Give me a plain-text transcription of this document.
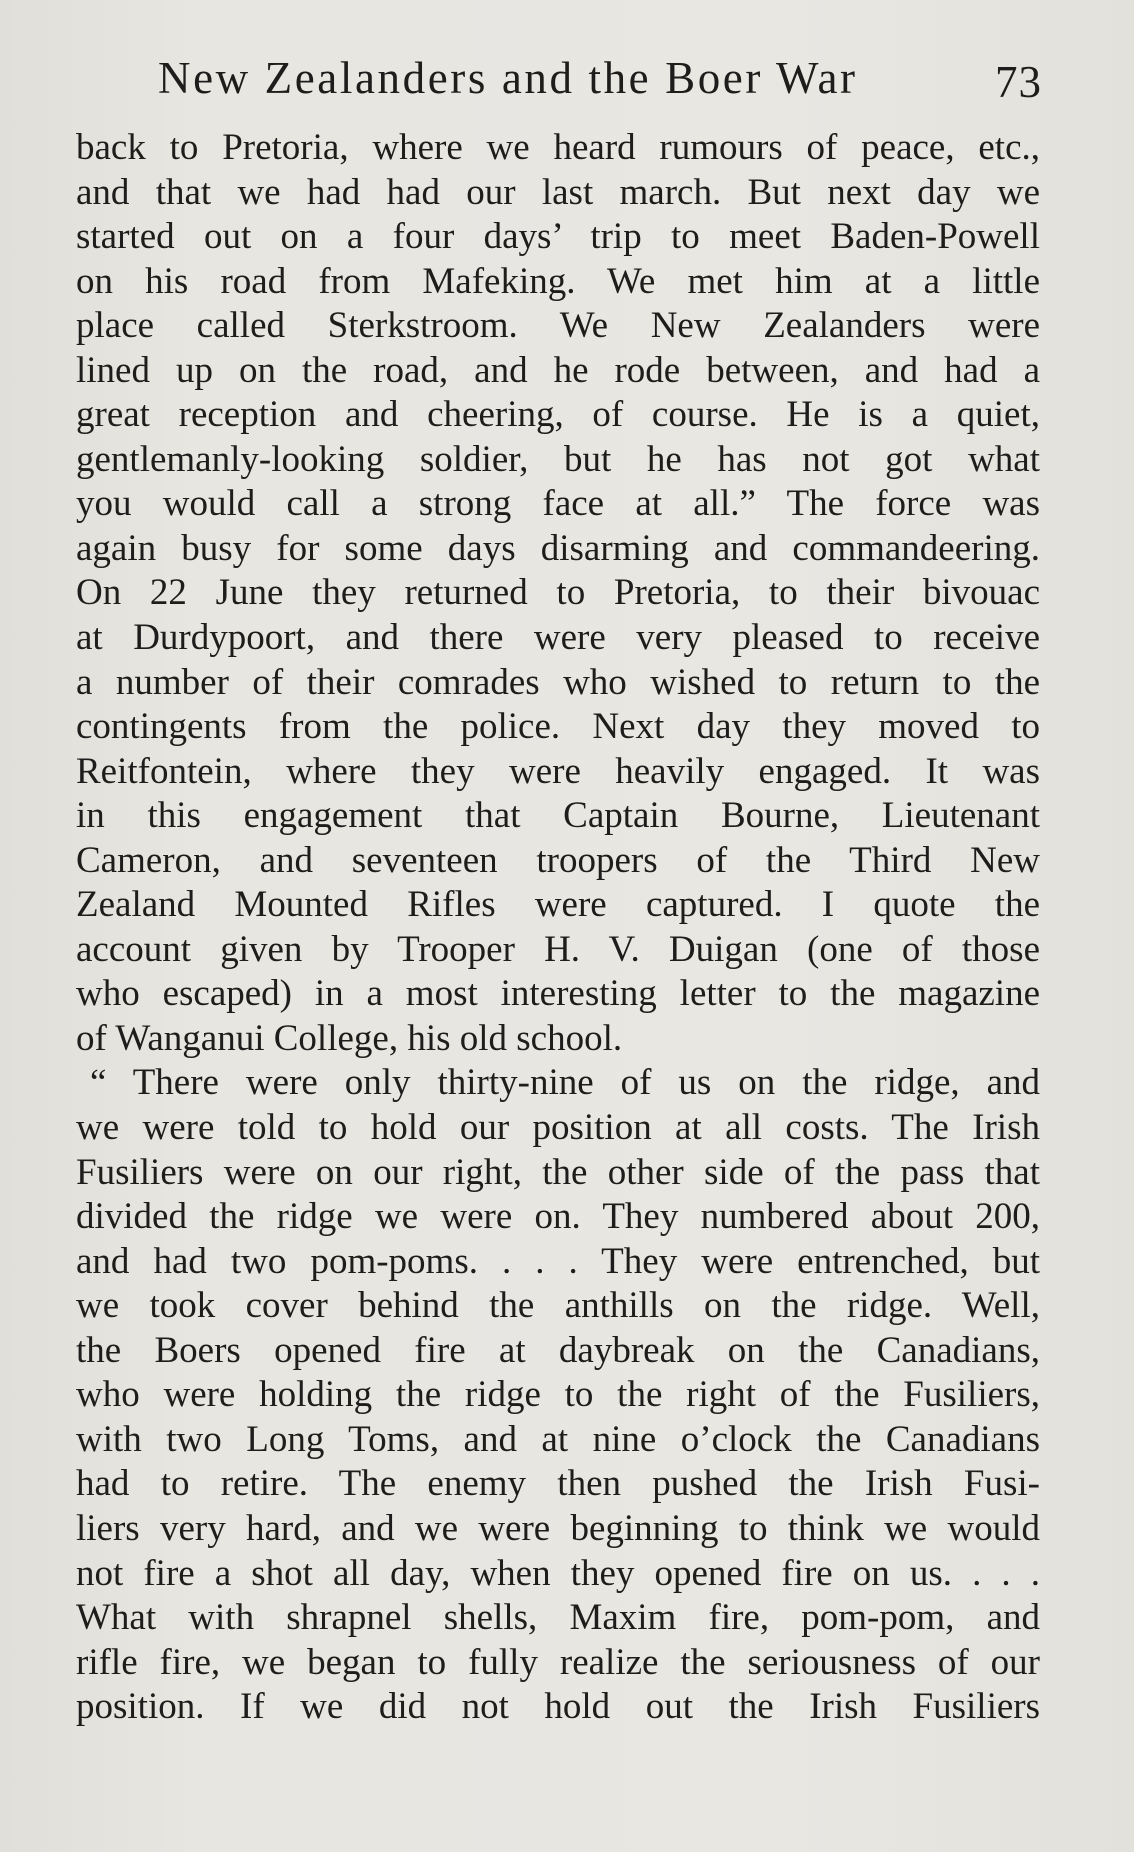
New Zealanders and the Boer War	73
back to Pretoria, where we heard rumours of peace, etc.,
and that we had had our last march. But next day we
started out on a four days’ trip to meet Baden-Powell
on his road from Mafeking. We met him at a little
place called Sterkstroom. We New Zealanders were
lined up on the road, and he rode between, and had a
great reception and cheering, of course. He is a quiet,
gentlemanly-looking soldier, but he has not got what
you would call a strong face at all.” The force was
again busy for some days disarming and commandeering.
On 22 June they returned to Pretoria, to their bivouac
at Durdypoort, and there were very pleased to receive
a number of their comrades who wished to return to the
contingents from the police. Next day they moved to
Reitfontein, where they were heavily engaged. It was
in this engagement that Captain Bourne, Lieutenant
Cameron, and seventeen troopers of the Third New
Zealand Mounted Rifles were captured. I quote the
account given by Trooper H. V. Duigan (one of those
who escaped) in a most interesting letter to the magazine
of Wanganui College, his old school.
“ There were only thirty-nine of us on the ridge, and
we were told to hold our position at all costs. The Irish
Fusiliers were on our right, the other side of the pass that
divided the ridge we were on. They numbered about 200,
and had two pom-poms. . . . They were entrenched, but
we took cover behind the anthills on the ridge. Well,
the Boers opened fire at daybreak on the Canadians,
who were holding the ridge to the right of the Fusiliers,
with two Long Toms, and at nine o’clock the Canadians
had to retire. The enemy then pushed the Irish Fusi-
liers very hard, and we were beginning to think we would
not fire a shot all day, when they opened fire on us. . . .
What with shrapnel shells, Maxim fire, pom-pom, and
rifle fire, we began to fully realize the seriousness of our
position. If we did not hold out the Irish Fusiliers
